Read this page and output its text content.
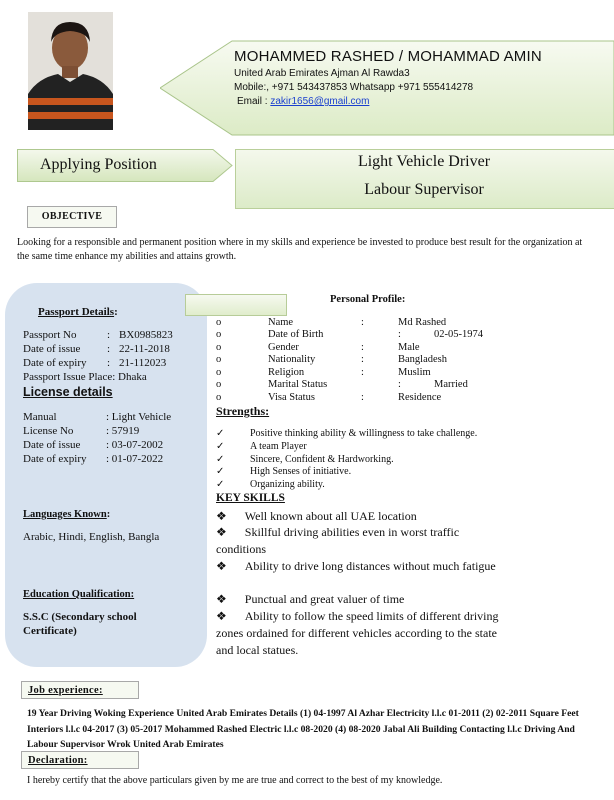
MOHAMMED RASHED / MOHAMMAD AMIN
United Arab Emirates Ajman Al Rawda3
Mobile:, +971 543437853 Whatsapp +971 555414278
Email : zakir1656@gmail.com
Applying Position	Light Vehicle Driver
Labour Supervisor
OBJECTIVE
Looking for a responsible and permanent position where in my skills and experience be invested to produce best result for the organization at the same time enhance my abilities and attains growth.
Passport Details:
Passport No	: BX0985823
Date of issue : 22-11-2018
Date of expiry : 21-112023
Passport Issue Place: Dhaka
License details
Manual	: Light Vehicle
License No	: 57919
Date of issue : 03-07-2002
Date of expiry : 01-07-2022
Languages Known:
Arabic, Hindi, English, Bangla
Education Qualification:
S.S.C (Secondary school Certificate)
Personal Profile:
o	Name	:	Md Rashed
o	Date of Birth	:	02-05-1974
o	Gender	:	Male
o	Nationality	:	Bangladesh
o	Religion	:	Muslim
o	Marital Status	:	Married
o	Visa Status	:	Residence
Strengths:
✓	Positive thinking ability & willingness to take challenge.
✓	A team Player
✓	Sincere, Confident & Hardworking.
✓	High Senses of initiative.
✓	Organizing ability.
KEY SKILLS
❖ Well known about all UAE location
❖ Skillful driving abilities even in worst traffic conditions
❖ Ability to drive long distances without much fatigue
❖ Punctual and great valuer of time
❖ Ability to follow the speed limits of different driving zones ordained for different vehicles according to the state and local statues.
Job experience:
19 Year Driving Woking Experience United Arab Emirates Details (1) 04-1997 Al Azhar Electricity l.l.c 01-2011 (2) 02-2011 Square Feet Interiors l.l.c 04-2017 (3) 05-2017 Mohammed Rashed Electric l.l.c 08-2020 (4) 08-2020 Jabal Ali Building Contacting l.l.c Driving And Labour Supervisor Wrok United Arab Emirates
Declaration:
I hereby certify that the above particulars given by me are true and correct to the best of my knowledge.
